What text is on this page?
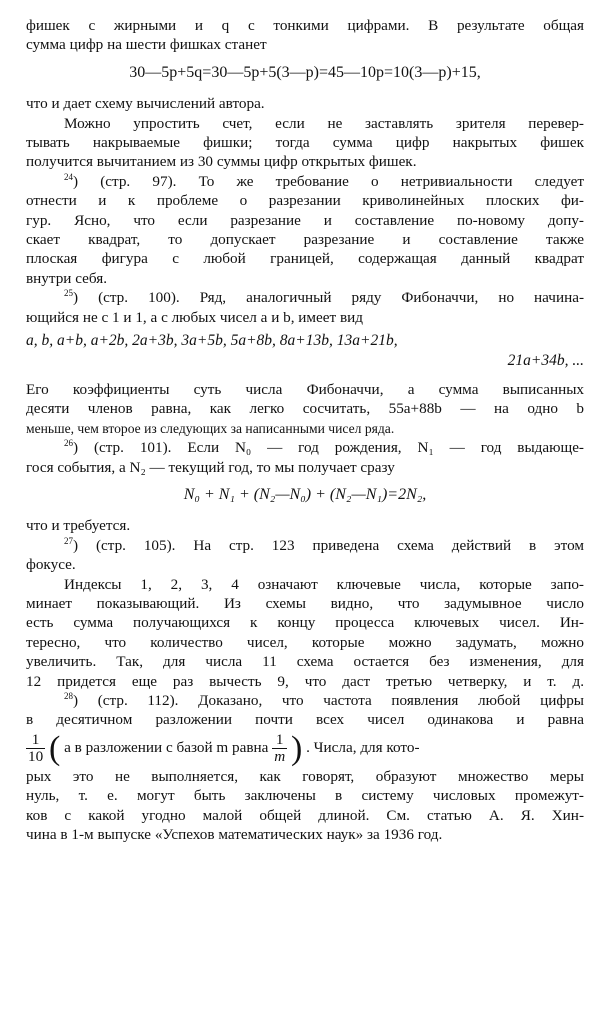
фишек с жирными и q с тонкими цифрами. В результате общая

сумма цифр на шести фишках станет

30—5p+5q=30—5p+5(3—p)=45—10p=10(3—p)+15,

что и дает схему вычислений автора.

Можно упростить счет, если не заставлять зрителя перевер-

тывать накрываемые фишки; тогда сумма цифр накрытых фишек

получится вычитанием из 30 суммы цифр открытых фишек.

$^{24}$) (стр. 97). То же требование о нетривиальности следует

отнести и к проблеме о разрезании криволинейных плоских фи-

гур. Ясно, что если разрезание и составление по-новому допу-

скает квадрат, то допускает разрезание и составление также

плоская фигура с любой границей, содержащая данный квадрат

внутри себя.

$^{25}$) (стр. 100). Ряд, аналогичный ряду Фибоначчи, но начина-

ющийся не с 1 и 1, а с любых чисел a и b, имеет вид

a, b, a+b, a+2b, 2a+3b, 3a+5b, 5a+8b, 8a+13b, 13a+21b,

21a+34b, ...

Его коэффициенты суть числа Фибоначчи, а сумма выписанных

десяти членов равна, как легко сосчитать, 55a+88b — на одно b

меньше, чем второе из следующих за написанными чисел ряда.

$^{26}$) (стр. 101). Если N₀ — год рождения, N₁ — год выдающе-

гося события, а N₂ — текущий год, то мы получает сразу

N₀ + N₁ + (N₂—N₀) + (N₂—N₁)=2N₂,

что и требуется.

$^{27}$) (стр. 105). На стр. 123 приведена схема действий в этом

фокусе.

Индексы 1, 2, 3, 4 означают ключевые числа, которые запо-

минает показывающий. Из схемы видно, что задумывное число

есть сумма получающихся к концу процесса ключевых чисел. Ин-

тересно, что количество чисел, которые можно задумать, можно

увеличить. Так, для числа 11 схема остается без изменения, для

12 придется еще раз вычесть 9, что даст третью четверку, и т. д.

$^{28}$) (стр. 112). Доказано, что частота появления любой цифры

в десятичном разложении почти всех чисел одинакова и равна

$\frac{1}{10}$ ( а в разложении с базой m равна $\frac{1}{m}$ ) . Числа, для кото-

рых это не выполняется, как говорят, образуют множество меры

нуль, т. е. могут быть заключены в систему числовых промежут-

ков с какой угодно малой общей длиной. См. статью А. Я. Хин-

чина в 1-м выпуске «Успехов математических наук» за 1936 год.
